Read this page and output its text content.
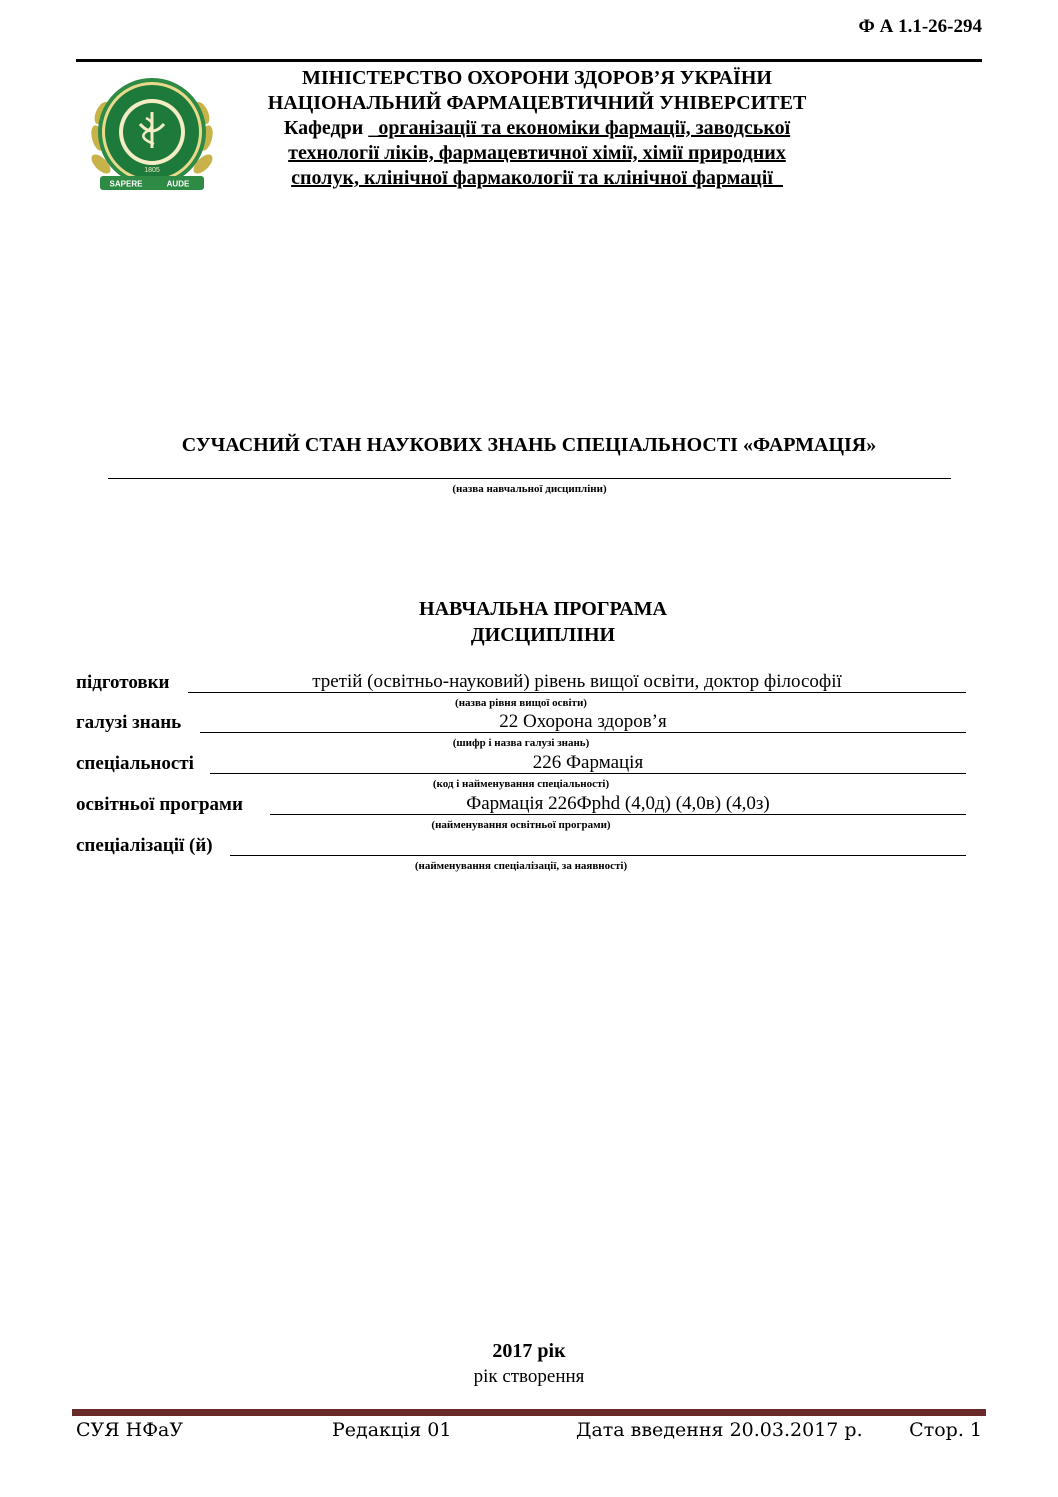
Ф А 1.1-26-294
1805
SAPERE	AUDE
МІНІСТЕРСТВО ОХОРОНИ ЗДОРОВ’Я УКРАЇНИ
НАЦІОНАЛЬНИЙ ФАРМАЦЕВТИЧНИЙ УНІВЕРСИТЕТ
Кафедри _організації та економіки фармації, заводської
технології ліків, фармацевтичної хімії, хімії природних
сполук, клінічної фармакології та клінічної фармації_
СУЧАСНИЙ СТАН НАУКОВИХ ЗНАНЬ СПЕЦІАЛЬНОСТІ «ФАРМАЦІЯ»
(назва навчальної дисципліни)
НАВЧАЛЬНА ПРОГРАМА
ДИСЦИПЛІНИ
підготовки	третій (освітньо-науковий) рівень вищої освіти, доктор філософії
(назва рівня вищої освіти)
галузі знань	22 Охорона здоров’я
(шифр і назва галузі знань)
спеціальності	226 Фармація
(код і найменування спеціальності)
освітньої програми	Фармація 226Фphd (4,0д) (4,0в) (4,0з)
(найменування освітньої програми)
спеціалізації (й)
(найменування спеціалізації, за наявності)
2017 рік
рік створення
СУЯ НФаУ	Редакція 01	Дата введення 20.03.2017 р. Стор. 1
